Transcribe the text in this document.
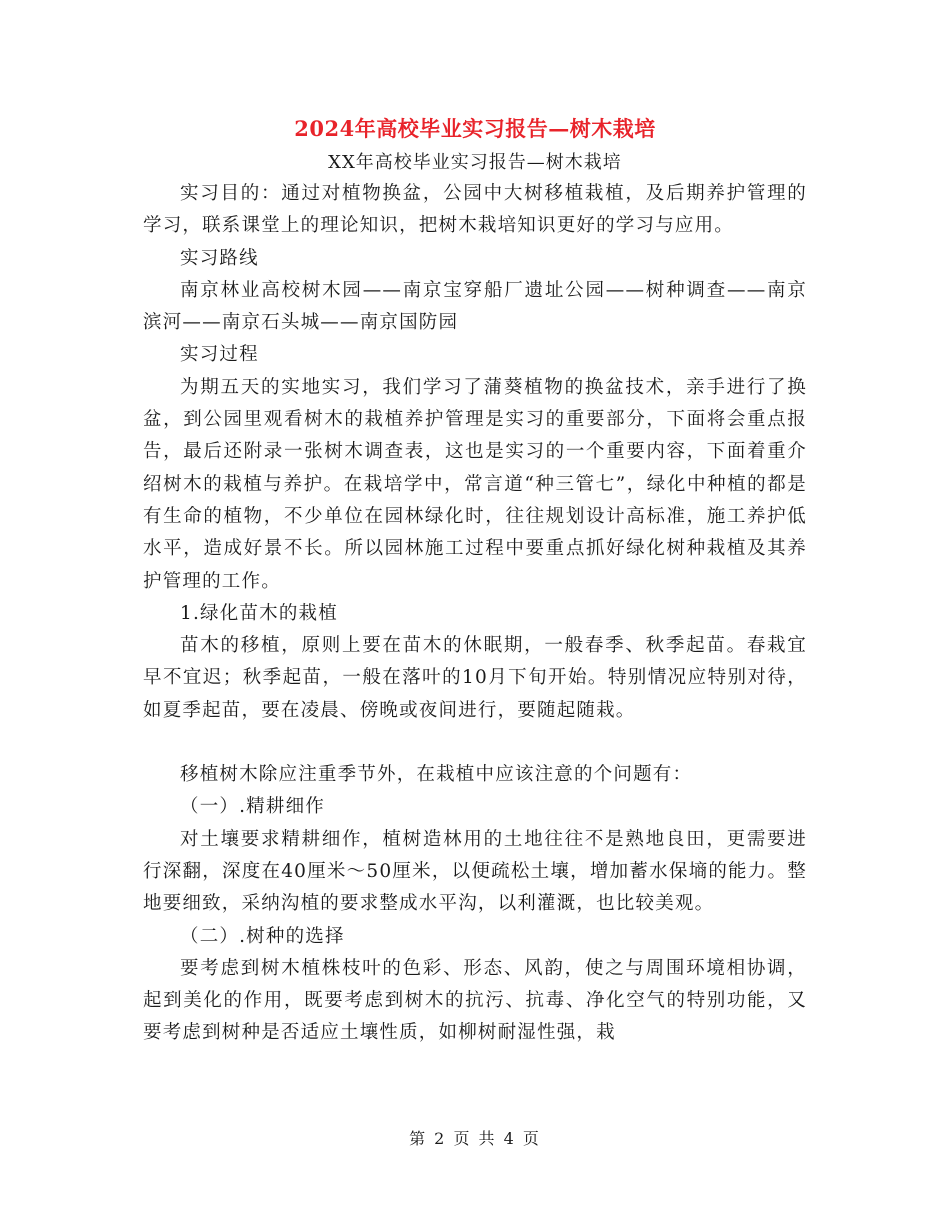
2024年高校毕业实习报告—树木栽培
XX年高校毕业实习报告—树木栽培

实习目的：通过对植物换盆，公园中大树移植栽植，及后期养护管理的学习，联系课堂上的理论知识，把树木栽培知识更好的学习与应用。

实习路线

南京林业高校树木园——南京宝穿船厂遗址公园——树种调查——南京滨河——南京石头城——南京国防园

实习过程

为期五天的实地实习，我们学习了蒲葵植物的换盆技术，亲手进行了换盆，到公园里观看树木的栽植养护管理是实习的重要部分，下面将会重点报告，最后还附录一张树木调查表，这也是实习的一个重要内容，下面着重介绍树木的栽植与养护。在栽培学中，常言道“种三管七”，绿化中种植的都是有生命的植物，不少单位在园林绿化时，往往规划设计高标准，施工养护低水平，造成好景不长。所以园林施工过程中要重点抓好绿化树种栽植及其养护管理的工作。

1.绿化苗木的栽植

苗木的移植，原则上要在苗木的休眠期，一般春季、秋季起苗。春栽宜早不宜迟；秋季起苗，一般在落叶的10月下旬开始。特别情况应特别对待，如夏季起苗，要在凌晨、傍晚或夜间进行，要随起随栽。

移植树木除应注重季节外，在栽植中应该注意的个问题有：

（一）.精耕细作

对土壤要求精耕细作，植树造林用的土地往往不是熟地良田，更需要进行深翻，深度在40厘米～50厘米，以便疏松土壤，增加蓄水保墒的能力。整地要细致，采纳沟植的要求整成水平沟，以利灌溉，也比较美观。

（二）.树种的选择

要考虑到树木植株枝叶的色彩、形态、风韵，使之与周围环境相协调，起到美化的作用，既要考虑到树木的抗污、抗毒、净化空气的特别功能，又要考虑到树种是否适应土壤性质，如柳树耐湿性强，栽

第 2 页 共 4 页
